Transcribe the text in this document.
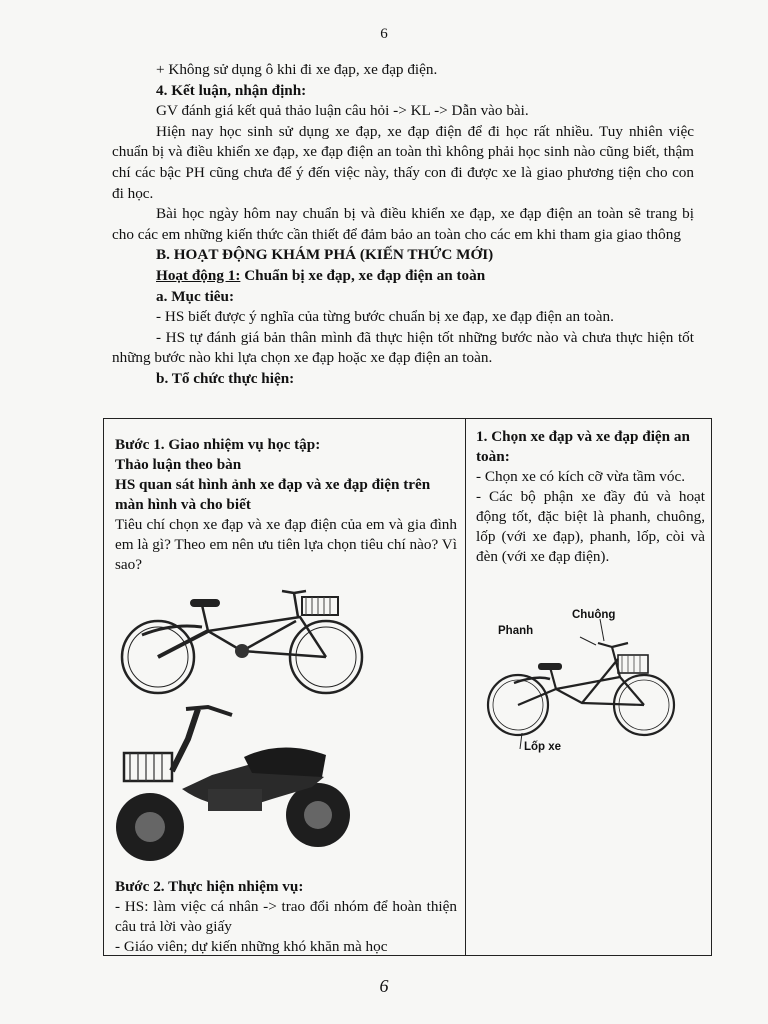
6

+ Không sử dụng ô khi đi xe đạp, xe đạp điện.

4. Kết luận, nhận định:

GV đánh giá kết quả thảo luận câu hỏi -> KL -> Dẫn vào bài.

Hiện nay học sinh sử dụng xe đạp, xe đạp điện để đi học rất nhiều. Tuy nhiên việc chuẩn bị và điều khiển xe đạp, xe đạp điện an toàn thì không phải học sinh nào cũng biết, thậm chí các bậc PH cũng chưa để ý đến việc này, thấy con đi được xe là giao phương tiện cho con đi học.

Bài học ngày hôm nay chuẩn bị và điều khiển xe đạp, xe đạp điện an toàn sẽ trang bị cho các em những kiến thức cần thiết để đảm bảo an toàn cho các em khi tham gia giao thông

B. HOẠT ĐỘNG KHÁM PHÁ (KIẾN THỨC MỚI)

Hoạt động 1: Chuẩn bị xe đạp, xe đạp điện an toàn

a. Mục tiêu:

- HS biết được ý nghĩa của từng bước chuẩn bị xe đạp, xe đạp điện an toàn.

- HS tự đánh giá bản thân mình đã thực hiện tốt những bước nào và chưa thực hiện tốt những bước nào khi lựa chọn xe đạp hoặc xe đạp điện an toàn.

b. Tổ chức thực hiện:

Bước 1. Giao nhiệm vụ học tập:
Thảo luận theo bàn
HS quan sát hình ảnh xe đạp và xe đạp điện trên màn hình và cho biết
Tiêu chí chọn xe đạp và xe đạp điện của em và gia đình em là gì? Theo em nên ưu tiên lựa chọn tiêu chí nào? Vì sao?
Bước 2. Thực hiện nhiệm vụ:
- HS: làm việc cá nhân -> trao đổi nhóm để hoàn thiện câu trả lời vào giấy
- Giáo viên; dự kiến những khó khăn mà học
1. Chọn xe đạp và xe đạp điện an toàn:
- Chọn xe có kích cỡ vừa tầm vóc.
- Các bộ phận xe đầy đủ và hoạt động tốt, đặc biệt là phanh, chuông, lốp (với xe đạp), phanh, lốp, còi và đèn (với xe đạp điện).
Chuông
Phanh
Lốp xe
6
